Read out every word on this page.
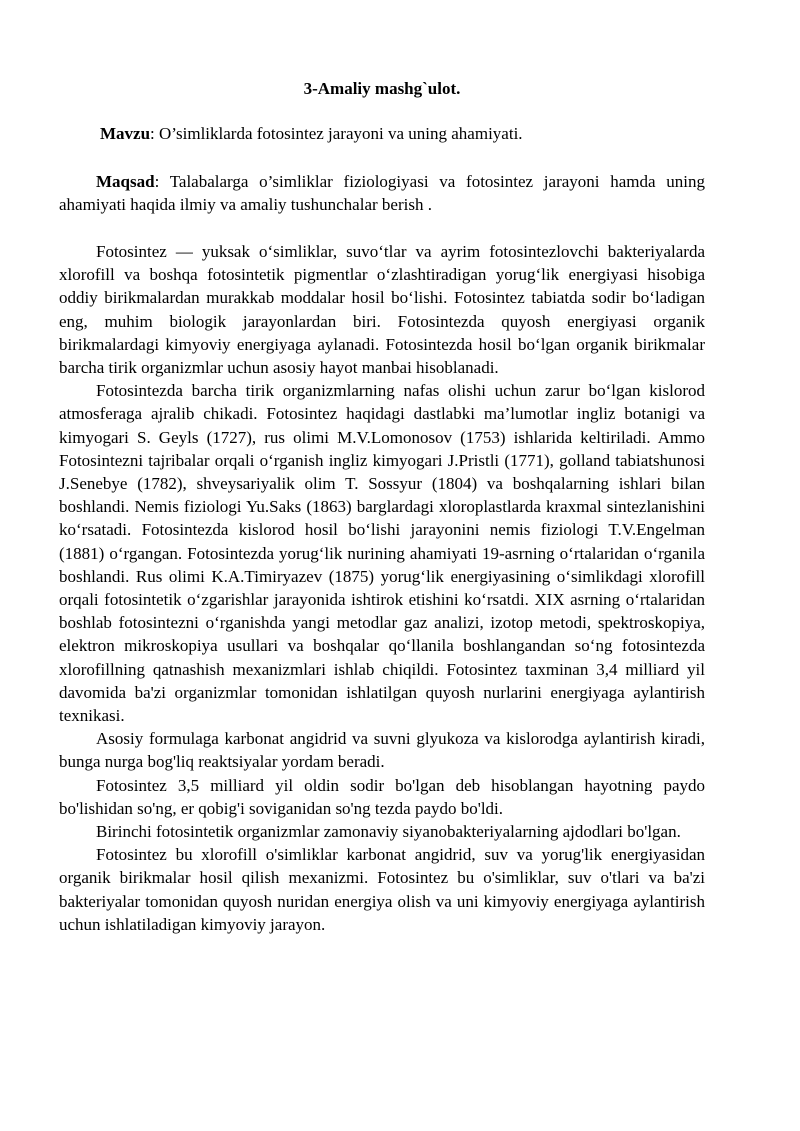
3-Amaliy mashg`ulot.
Mavzu: O’simliklarda fotosintez jarayoni va uning ahamiyati.
Maqsad: Talabalarga o’simliklar fiziologiyasi va fotosintez jarayoni hamda uning ahamiyati haqida ilmiy va amaliy tushunchalar berish .

Fotosintez — yuksak oʻsimliklar, suvoʻtlar va ayrim fotosintezlovchi bakteriyalarda xlorofill va boshqa fotosintetik pigmentlar oʻzlashtiradigan yorugʻlik energiyasi hisobiga oddiy birikmalardan murakkab moddalar hosil boʻlishi. Fotosintez tabiatda sodir boʻladigan eng, muhim biologik jarayonlardan biri. Fotosintezda quyosh energiyasi organik birikmalardagi kimyoviy energiyaga aylanadi. Fotosintezda hosil boʻlgan organik birikmalar barcha tirik organizmlar uchun asosiy hayot manbai hisoblanadi.

Fotosintezda barcha tirik organizmlarning nafas olishi uchun zarur boʻlgan kislorod atmosferaga ajralib chikadi. Fotosintez haqidagi dastlabki ma’lumotlar ingliz botanigi va kimyogari S. Geyls (1727), rus olimi M.V.Lomonosov (1753) ishlarida keltiriladi. Ammo Fotosintezni tajribalar orqali oʻrganish ingliz kimyogari J.Pristli (1771), golland tabiatshunosi J.Senebye (1782), shveysariyalik olim T. Sossyur (1804) va boshqalarning ishlari bilan boshlandi. Nemis fiziologi Yu.Saks (1863) barglardagi xloroplastlarda kraxmal sintezlanishini koʻrsatadi. Fotosintezda kislorod hosil boʻlishi jarayonini nemis fiziologi T.V.Engelman (1881) oʻrgangan. Fotosintezda yorugʻlik nurining ahamiyati 19-asrning oʻrtalaridan oʻrganila boshlandi. Rus olimi K.A.Timiryazev (1875) yorugʻlik energiyasining oʻsimlikdagi xlorofill orqali fotosintetik oʻzgarishlar jarayonida ishtirok etishini koʻrsatdi. XIX asrning oʻrtalaridan boshlab fotosintezni oʻrganishda yangi metodlar gaz analizi, izotop metodi, spektroskopiya, elektron mikroskopiya usullari va boshqalar qoʻllanila boshlangandan soʻng fotosintezda xlorofillning qatnashish mexanizmlari ishlab chiqildi. Fotosintez taxminan 3,4 milliard yil davomida ba'zi organizmlar tomonidan ishlatilgan quyosh nurlarini energiyaga aylantirish texnikasi.

Asosiy formulaga karbonat angidrid va suvni glyukoza va kislorodga aylantirish kiradi, bunga nurga bog'liq reaktsiyalar yordam beradi.

Fotosintez 3,5 milliard yil oldin sodir bo'lgan deb hisoblangan hayotning paydo bo'lishidan so'ng, er qobig'i soviganidan so'ng tezda paydo bo'ldi.

Birinchi fotosintetik organizmlar zamonaviy siyanobakteriyalarning ajdodlari bo'lgan.

Fotosintez bu xlorofill o'simliklar karbonat angidrid, suv va yorug'lik energiyasidan organik birikmalar hosil qilish mexanizmi. Fotosintez bu o'simliklar, suv o'tlari va ba'zi bakteriyalar tomonidan quyosh nuridan energiya olish va uni kimyoviy energiyaga aylantirish uchun ishlatiladigan kimyoviy jarayon.
